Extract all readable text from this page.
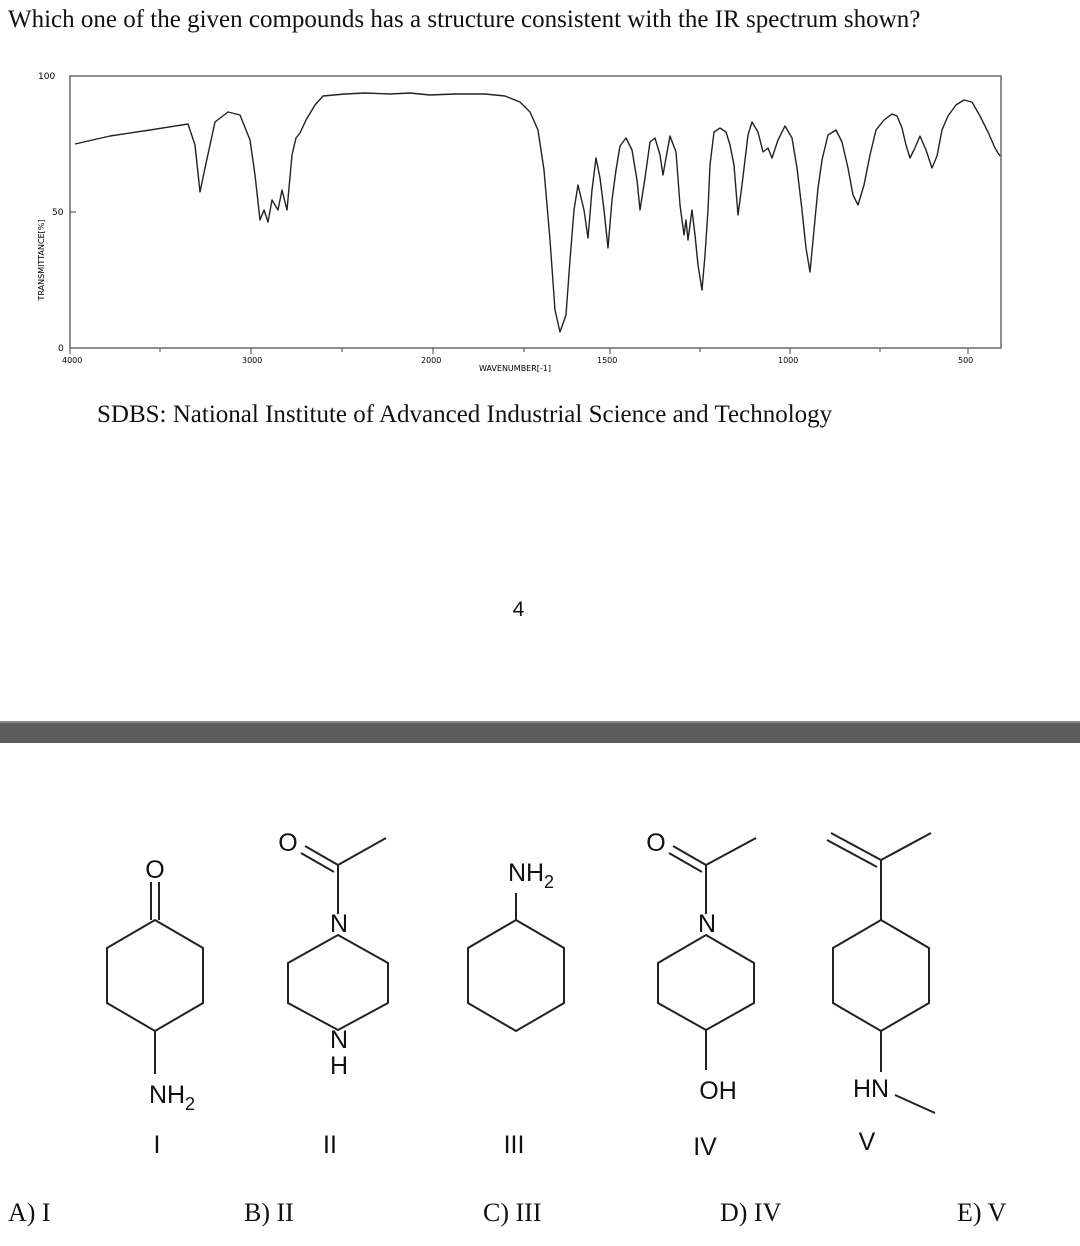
Which one of the given compounds has a structure consistent with the IR spectrum shown?
100
50
0
TRANSMITTANCE[%]
4000	3000	2000	1500	1000	500
WAVENUMBER[-1]
SDBS: National Institute of Advanced Industrial Science and Technology
4
O
$NH_2$
O
N
N
H
$NH_2$
O
N
OH	HN
I	II	III	IV	V
A) I	B) II	C) III	D) IV	E) V
